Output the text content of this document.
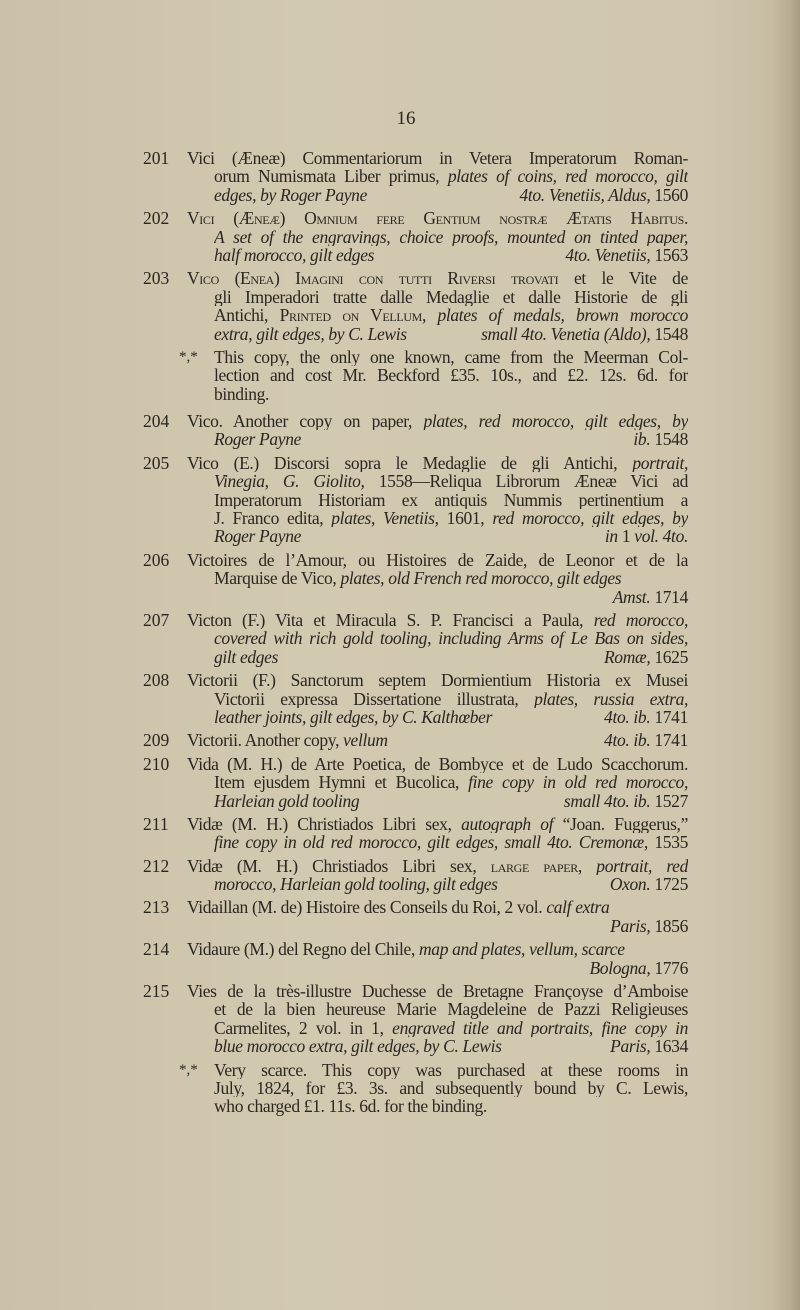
16
201 Vici (Æneæ) Commentariorum in Vetera Imperatorum Roman-
orum Numismata Liber primus, plates of coins, red morocco, gilt
edges, by Roger Payne	4to. Venetiis, Aldus, 1560
202 Vici (Æneæ) Omnium fere Gentium nostræ Ætatis Habitus.
A set of the engravings, choice proofs, mounted on tinted paper,
half morocco, gilt edges	4to. Venetiis, 1563
203 Vico (Enea) Imagini con tutti Riversi trovati et le Vite de
gli Imperadori tratte dalle Medaglie et dalle Historie de gli
Antichi, Printed on Vellum, plates of medals, brown morocco
extra, gilt edges, by C. Lewis	small 4to. Venetia (Aldo), 1548
*,* This copy, the only one known, came from the Meerman Col-
lection and cost Mr. Beckford £35. 10s., and £2. 12s. 6d. for
binding.
204 Vico. Another copy on paper, plates, red morocco, gilt edges, by
Roger Payne	ib. 1548
205 Vico (E.) Discorsi sopra le Medaglie de gli Antichi, portrait,
Vinegia, G. Giolito, 1558—Reliqua Librorum Æneæ Vici ad
Imperatorum Historiam ex antiquis Nummis pertinentium a
J. Franco edita, plates, Venetiis, 1601, red morocco, gilt edges, by
Roger Payne	in 1 vol. 4to.
206 Victoires de l’Amour, ou Histoires de Zaide, de Leonor et de la
Marquise de Vico, plates, old French red morocco, gilt edges
Amst. 1714
207 Victon (F.) Vita et Miracula S. P. Francisci a Paula, red morocco,
covered with rich gold tooling, including Arms of Le Bas on sides,
gilt edges	Romæ, 1625
208 Victorii (F.) Sanctorum septem Dormientium Historia ex Musei
Victorii expressa Dissertatione illustrata, plates, russia extra,
leather joints, gilt edges, by C. Kalthœber	4to. ib. 1741
209 Victorii. Another copy, vellum	4to. ib. 1741
210 Vida (M. H.) de Arte Poetica, de Bombyce et de Ludo Scacchorum.
Item ejusdem Hymni et Bucolica, fine copy in old red morocco,
Harleian gold tooling	small 4to. ib. 1527
211 Vidæ (M. H.) Christiados Libri sex, autograph of “Joan. Fuggerus,”
fine copy in old red morocco, gilt edges, small 4to. Cremonæ, 1535
212 Vidæ (M. H.) Christiados Libri sex, large paper, portrait, red
morocco, Harleian gold tooling, gilt edges	Oxon. 1725
213 Vidaillan (M. de) Histoire des Conseils du Roi, 2 vol. calf extra
Paris, 1856
214 Vidaure (M.) del Regno del Chile, map and plates, vellum, scarce
Bologna, 1776
215 Vies de la très-illustre Duchesse de Bretagne Françoyse d’Amboise
et de la bien heureuse Marie Magdeleine de Pazzi Religieuses
Carmelites, 2 vol. in 1, engraved title and portraits, fine copy in
blue morocco extra, gilt edges, by C. Lewis	Paris, 1634
*,* Very scarce. This copy was purchased at these rooms in
July, 1824, for £3. 3s. and subsequently bound by C. Lewis,
who charged £1. 11s. 6d. for the binding.
